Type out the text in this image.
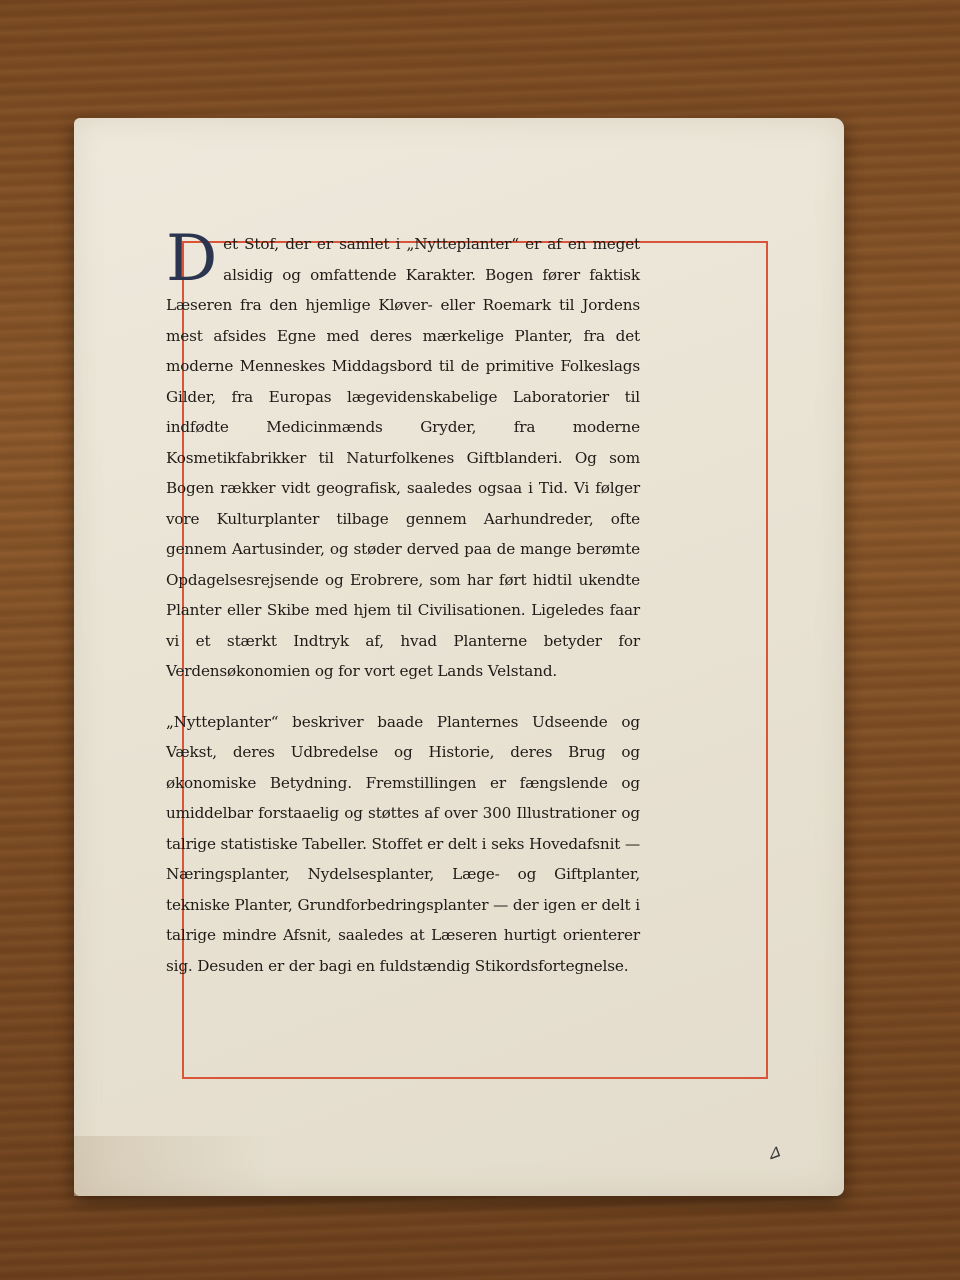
⊿

Det Stof, der er samlet i „Nytteplanter“ er af en meget alsidig og omfattende Karakter. Bogen fører faktisk Læseren fra den hjemlige Kløver- eller Roemark til Jordens mest afsides Egne med deres mærkelige Planter, fra det moderne Menneskes Middagsbord til de primitive Folkeslags Gilder, fra Europas lægevidenskabelige Laboratorier til indfødte Medicinmænds Gryder, fra moderne Kosmetikfabrikker til Naturfolkenes Giftblanderi. Og som Bogen rækker vidt geografisk, saaledes ogsaa i Tid. Vi følger vore Kulturplanter tilbage gennem Aarhundreder, ofte gennem Aartusinder, og støder derved paa de mange berømte Opdagelsesrejsende og Erobrere, som har ført hidtil ukendte Planter eller Skibe med hjem til Civilisationen. Ligeledes faar vi et stærkt Indtryk af, hvad Planterne betyder for Verdensøkonomien og for vort eget Lands Velstand.

„Nytteplanter“ beskriver baade Planternes Udseende og Vækst, deres Udbredelse og Historie, deres Brug og økonomiske Betydning. Fremstillingen er fængslende og umiddelbar forstaaelig og støttes af over 300 Illustrationer og talrige statistiske Tabeller. Stoffet er delt i seks Hovedafsnit — Næringsplanter, Nydelsesplanter, Læge- og Giftplanter, tekniske Planter, Grundforbedringsplanter — der igen er delt i talrige mindre Afsnit, saaledes at Læseren hurtigt orienterer sig. Desuden er der bagi en fuldstændig Stikordsfortegnelse.
